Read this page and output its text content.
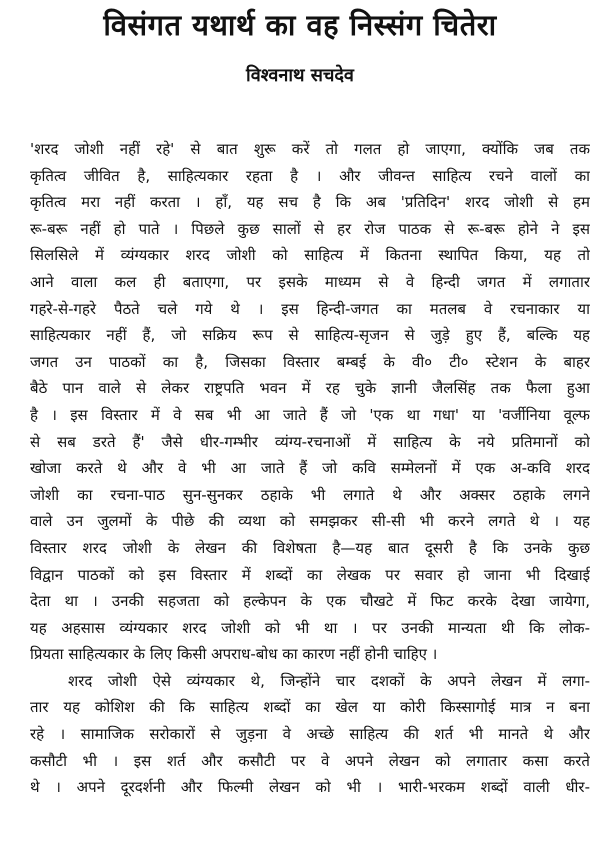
विसंगत यथार्थ का वह निस्संग चितेरा
विश्वनाथ सचदेव
'शरद जोशी नहीं रहे' से बात शुरू करें तो गलत हो जाएगा, क्योंकि जब तक
कृतित्व जीवित है, साहित्यकार रहता है । और जीवन्त साहित्य रचने वालों का
कृतित्व मरा नहीं करता । हाँ, यह सच है कि अब 'प्रतिदिन' शरद जोशी से हम
रू-बरू नहीं हो पाते । पिछले कुछ सालों से हर रोज पाठक से रू-बरू होने ने इस
सिलसिले में व्यंग्यकार शरद जोशी को साहित्य में कितना स्थापित किया, यह तो
आने वाला कल ही बताएगा, पर इसके माध्यम से वे हिन्दी जगत में लगातार
गहरे-से-गहरे पैठते चले गये थे । इस हिन्दी-जगत का मतलब वे रचनाकार या
साहित्यकार नहीं हैं, जो सक्रिय रूप से साहित्य-सृजन से जुड़े हुए हैं, बल्कि यह
जगत उन पाठकों का है, जिसका विस्तार बम्बई के वी० टी० स्टेशन के बाहर
बैठे पान वाले से लेकर राष्ट्रपति भवन में रह चुके ज्ञानी जैलसिंह तक फैला हुआ
है । इस विस्तार में वे सब भी आ जाते हैं जो 'एक था गधा' या 'वर्जीनिया वूल्फ
से सब डरते हैं' जैसे धीर-गम्भीर व्यंग्य-रचनाओं में साहित्य के नये प्रतिमानों को
खोजा करते थे और वे भी आ जाते हैं जो कवि सम्मेलनों में एक अ-कवि शरद
जोशी का रचना-पाठ सुन-सुनकर ठहाके भी लगाते थे और अक्सर ठहाके लगने
वाले उन जुलमों के पीछे की व्यथा को समझकर सी-सी भी करने लगते थे । यह
विस्तार शरद जोशी के लेखन की विशेषता है—यह बात दूसरी है कि उनके कुछ
विद्वान पाठकों को इस विस्तार में शब्दों का लेखक पर सवार हो जाना भी दिखाई
देता था । उनकी सहजता को हल्केपन के एक चौखटे में फिट करके देखा जायेगा,
यह अहसास व्यंग्यकार शरद जोशी को भी था । पर उनकी मान्यता थी कि लोक-
प्रियता साहित्यकार के लिए किसी अपराध-बोध का कारण नहीं होनी चाहिए ।
शरद जोशी ऐसे व्यंग्यकार थे, जिन्होंने चार दशकों के अपने लेखन में लगा-
तार यह कोशिश की कि साहित्य शब्दों का खेल या कोरी किस्सागोई मात्र न बना
रहे । सामाजिक सरोकारों से जुड़ना वे अच्छे साहित्य की शर्त भी मानते थे और
कसौटी भी । इस शर्त और कसौटी पर वे अपने लेखन को लगातार कसा करते
थे । अपने दूरदर्शनी और फिल्मी लेखन को भी । भारी-भरकम शब्दों वाली धीर-
